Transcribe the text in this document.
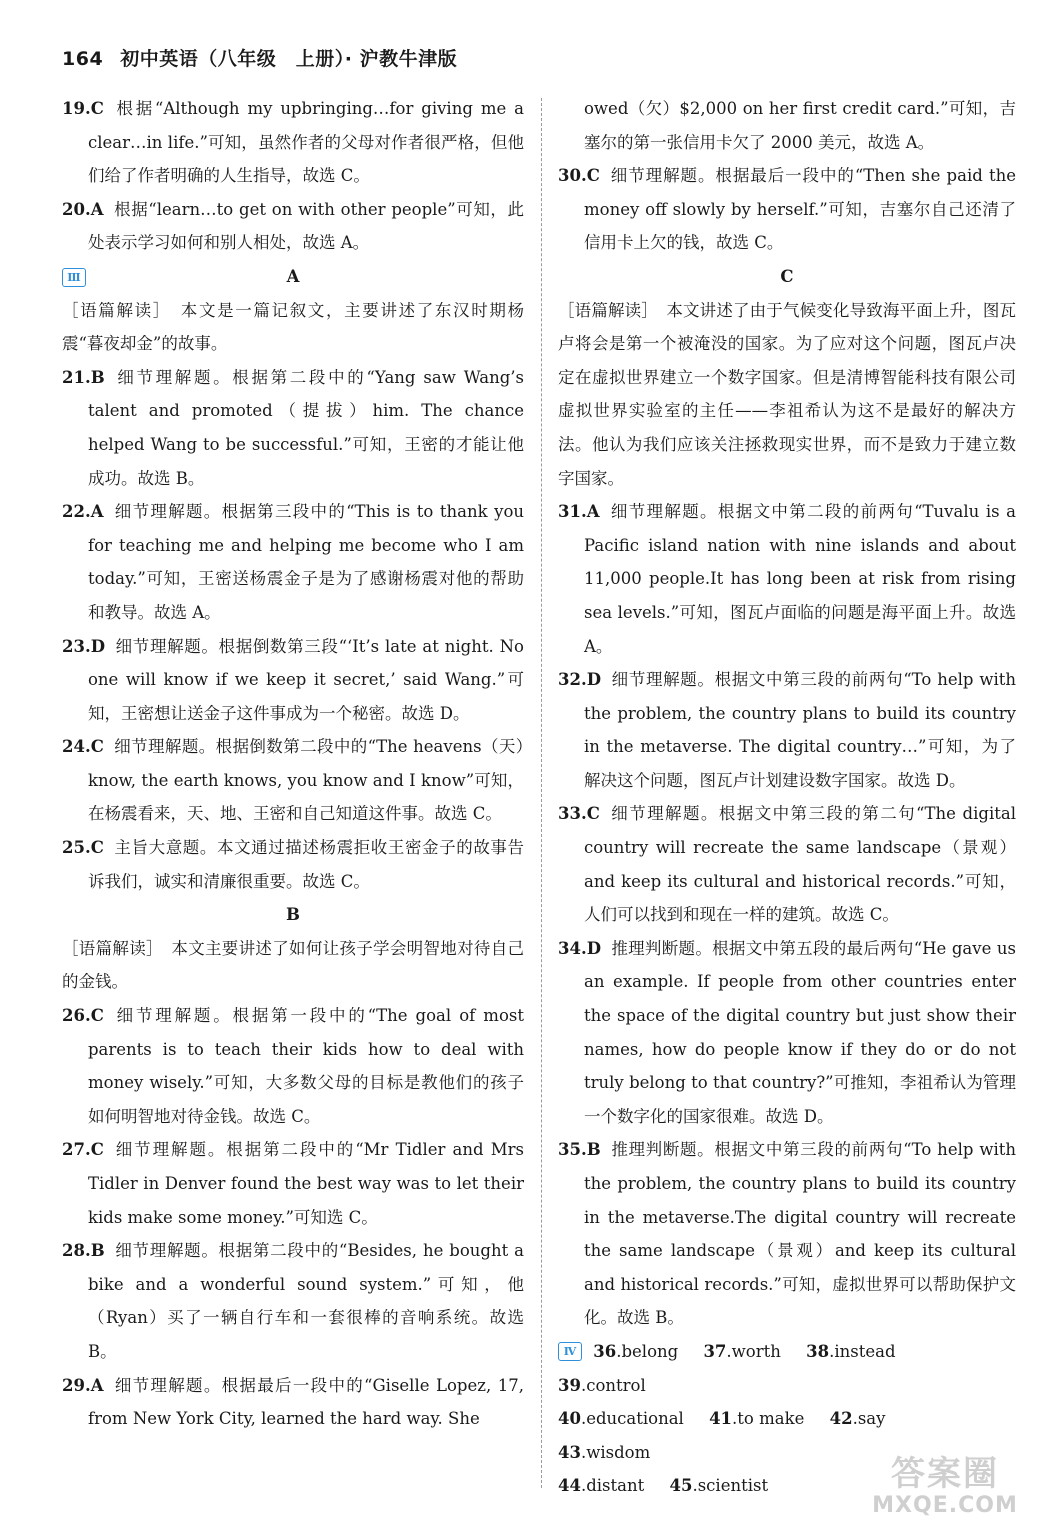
164 初中英语（八年级　上册）· 沪教牛津版

19.C 根据“Although my upbringing…for giving me a clear…in life.”可知，虽然作者的父母对作者很严格，但他们给了作者明确的人生指导，故选 C。

20.A 根据“learn…to get on with other people”可知，此处表示学习如何和别人相处，故选 A。

Ⅲ	A

［语篇解读］　本文是一篇记叙文，主要讲述了东汉时期杨震“暮夜却金”的故事。

21.B 细节理解题。根据第二段中的“Yang saw Wang’s talent and promoted（提拔）him. The chance helped Wang to be successful.”可知，王密的才能让他成功。故选 B。

22.A 细节理解题。根据第三段中的“This is to thank you for teaching me and helping me become who I am today.”可知，王密送杨震金子是为了感谢杨震对他的帮助和教导。故选 A。

23.D 细节理解题。根据倒数第三段“‘It’s late at night. No one will know if we keep it secret,’ said Wang.”可知，王密想让送金子这件事成为一个秘密。故选 D。

24.C 细节理解题。根据倒数第二段中的“The heavens（天）know, the earth knows, you know and I know”可知，在杨震看来，天、地、王密和自己知道这件事。故选 C。

25.C 主旨大意题。本文通过描述杨震拒收王密金子的故事告诉我们，诚实和清廉很重要。故选 C。

B

［语篇解读］　本文主要讲述了如何让孩子学会明智地对待自己的金钱。

26.C 细节理解题。根据第一段中的“The goal of most parents is to teach their kids how to deal with money wisely.”可知，大多数父母的目标是教他们的孩子如何明智地对待金钱。故选 C。

27.C 细节理解题。根据第二段中的“Mr Tidler and Mrs Tidler in Denver found the best way was to let their kids make some money.”可知选 C。

28.B 细节理解题。根据第二段中的“Besides, he bought a bike and a wonderful sound system.”可知，他（Ryan）买了一辆自行车和一套很棒的音响系统。故选 B。

29.A 细节理解题。根据最后一段中的“Giselle Lopez, 17, from New York City, learned the hard way. She

owed（欠）$2,000 on her first credit card.”可知，吉塞尔的第一张信用卡欠了 2000 美元，故选 A。

30.C 细节理解题。根据最后一段中的“Then she paid the money off slowly by herself.”可知，吉塞尔自己还清了信用卡上欠的钱，故选 C。

C

［语篇解读］　本文讲述了由于气候变化导致海平面上升，图瓦卢将会是第一个被淹没的国家。为了应对这个问题，图瓦卢决定在虚拟世界建立一个数字国家。但是清博智能科技有限公司虚拟世界实验室的主任——李祖希认为这不是最好的解决方法。他认为我们应该关注拯救现实世界，而不是致力于建立数字国家。

31.A 细节理解题。根据文中第二段的前两句“Tuvalu is a Pacific island nation with nine islands and about 11,000 people.It has long been at risk from rising sea levels.”可知，图瓦卢面临的问题是海平面上升。故选 A。

32.D 细节理解题。根据文中第三段的前两句“To help with the problem, the country plans to build its country in the metaverse. The digital country…”可知，为了解决这个问题，图瓦卢计划建设数字国家。故选 D。

33.C 细节理解题。根据文中第三段的第二句“The digital country will recreate the same landscape（景观）and keep its cultural and historical records.”可知，人们可以找到和现在一样的建筑。故选 C。

34.D 推理判断题。根据文中第五段的最后两句“He gave us an example. If people from other countries enter the space of the digital country but just show their names, how do people know if they do or do not truly belong to that country?”可推知，李祖希认为管理一个数字化的国家很难。故选 D。

35.B 推理判断题。根据文中第三段的前两句“To help with the problem, the country plans to build its country in the metaverse.The digital country will recreate the same landscape（景观）and keep its cultural and historical records.”可知，虚拟世界可以帮助保护文化。故选 B。

Ⅳ 36.belong 37.worth 38.instead 39.control

40.educational 41.to make 42.say 43.wisdom

44.distant 45.scientist	答案圈
MXQE.COM
